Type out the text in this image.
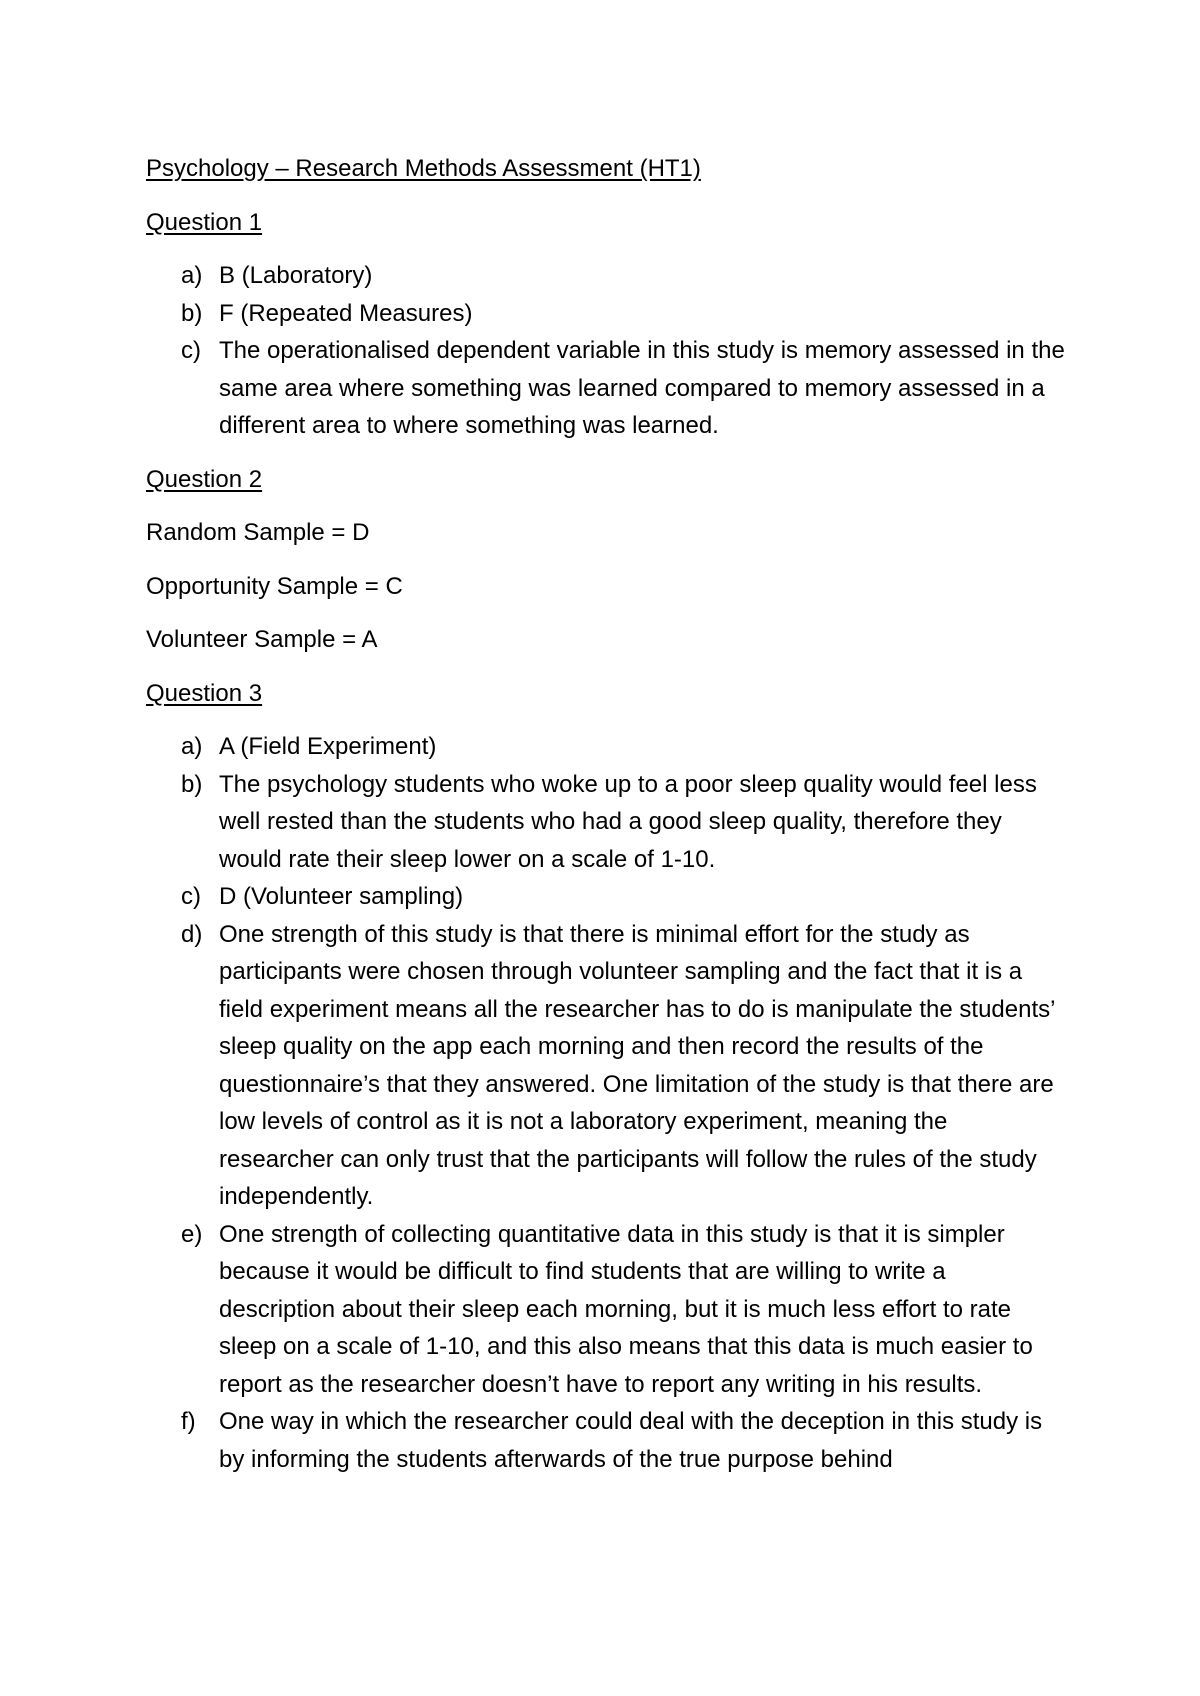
Psychology – Research Methods Assessment (HT1)

Question 1

a) B (Laboratory)
b) F (Repeated Measures)
c) The operationalised dependent variable in this study is memory assessed in the same area where something was learned compared to memory assessed in a different area to where something was learned.

Question 2

Random Sample = D

Opportunity Sample = C

Volunteer Sample = A

Question 3

a) A (Field Experiment)
b) The psychology students who woke up to a poor sleep quality would feel less well rested than the students who had a good sleep quality, therefore they would rate their sleep lower on a scale of 1-10.
c) D (Volunteer sampling)
d) One strength of this study is that there is minimal effort for the study as participants were chosen through volunteer sampling and the fact that it is a field experiment means all the researcher has to do is manipulate the students’ sleep quality on the app each morning and then record the results of the questionnaire’s that they answered. One limitation of the study is that there are low levels of control as it is not a laboratory experiment, meaning the researcher can only trust that the participants will follow the rules of the study independently.
e) One strength of collecting quantitative data in this study is that it is simpler because it would be difficult to find students that are willing to write a description about their sleep each morning, but it is much less effort to rate sleep on a scale of 1-10, and this also means that this data is much easier to report as the researcher doesn’t have to report any writing in his results.
f) One way in which the researcher could deal with the deception in this study is by informing the students afterwards of the true purpose behind
